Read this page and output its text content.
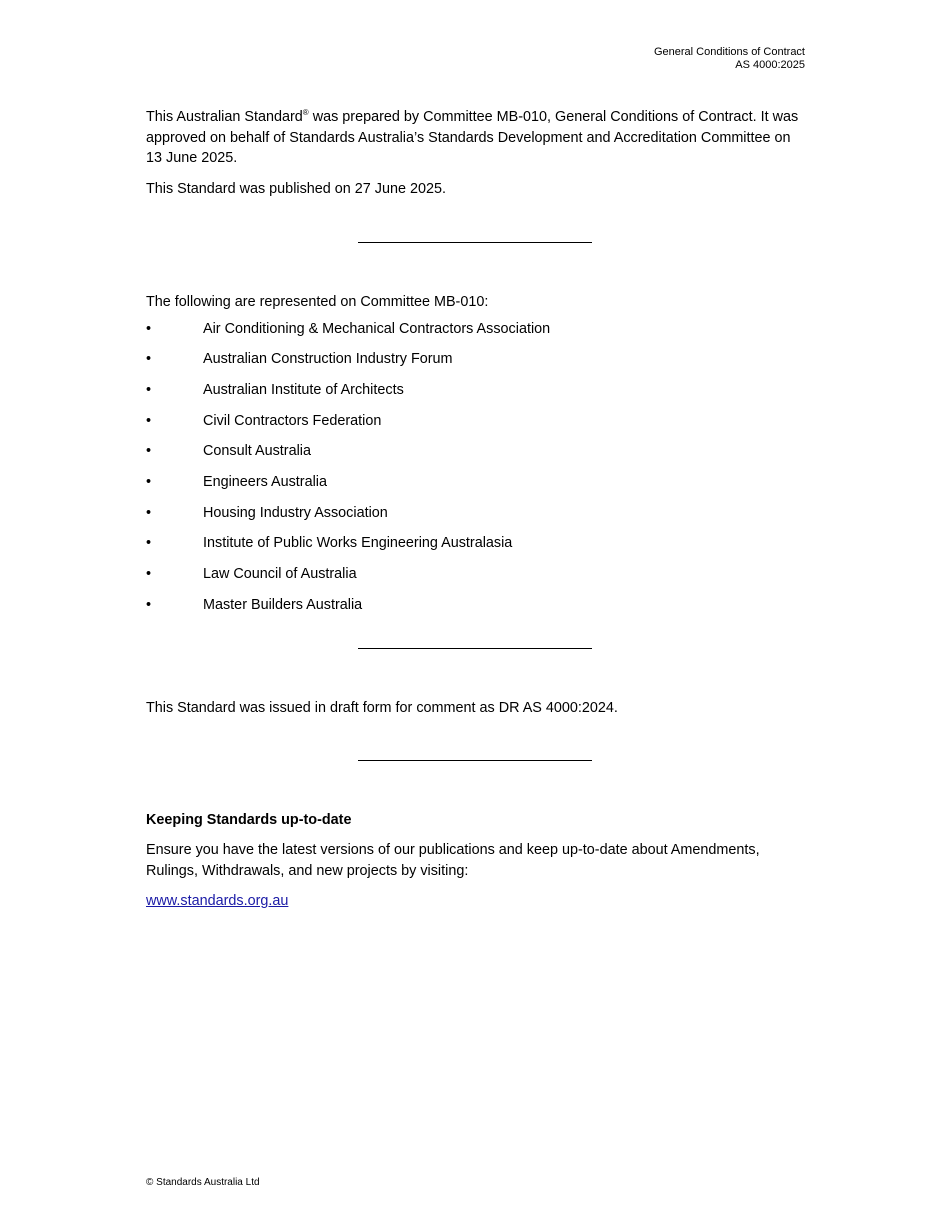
General Conditions of Contract
AS 4000:2025

This Australian Standard® was prepared by Committee MB-010, General Conditions of Contract. It was approved on behalf of Standards Australia’s Standards Development and Accreditation Committee on 13 June 2025.

This Standard was published on 27 June 2025.

The following are represented on Committee MB-010:

•	Air Conditioning & Mechanical Contractors Association
•	Australian Construction Industry Forum
•	Australian Institute of Architects
•	Civil Contractors Federation
•	Consult Australia
•	Engineers Australia
•	Housing Industry Association
•	Institute of Public Works Engineering Australasia
•	Law Council of Australia
•	Master Builders Australia

This Standard was issued in draft form for comment as DR AS 4000:2024.

Keeping Standards up-to-date

Ensure you have the latest versions of our publications and keep up-to-date about Amendments, Rulings, Withdrawals, and new projects by visiting:

www.standards.org.au

© Standards Australia Ltd
